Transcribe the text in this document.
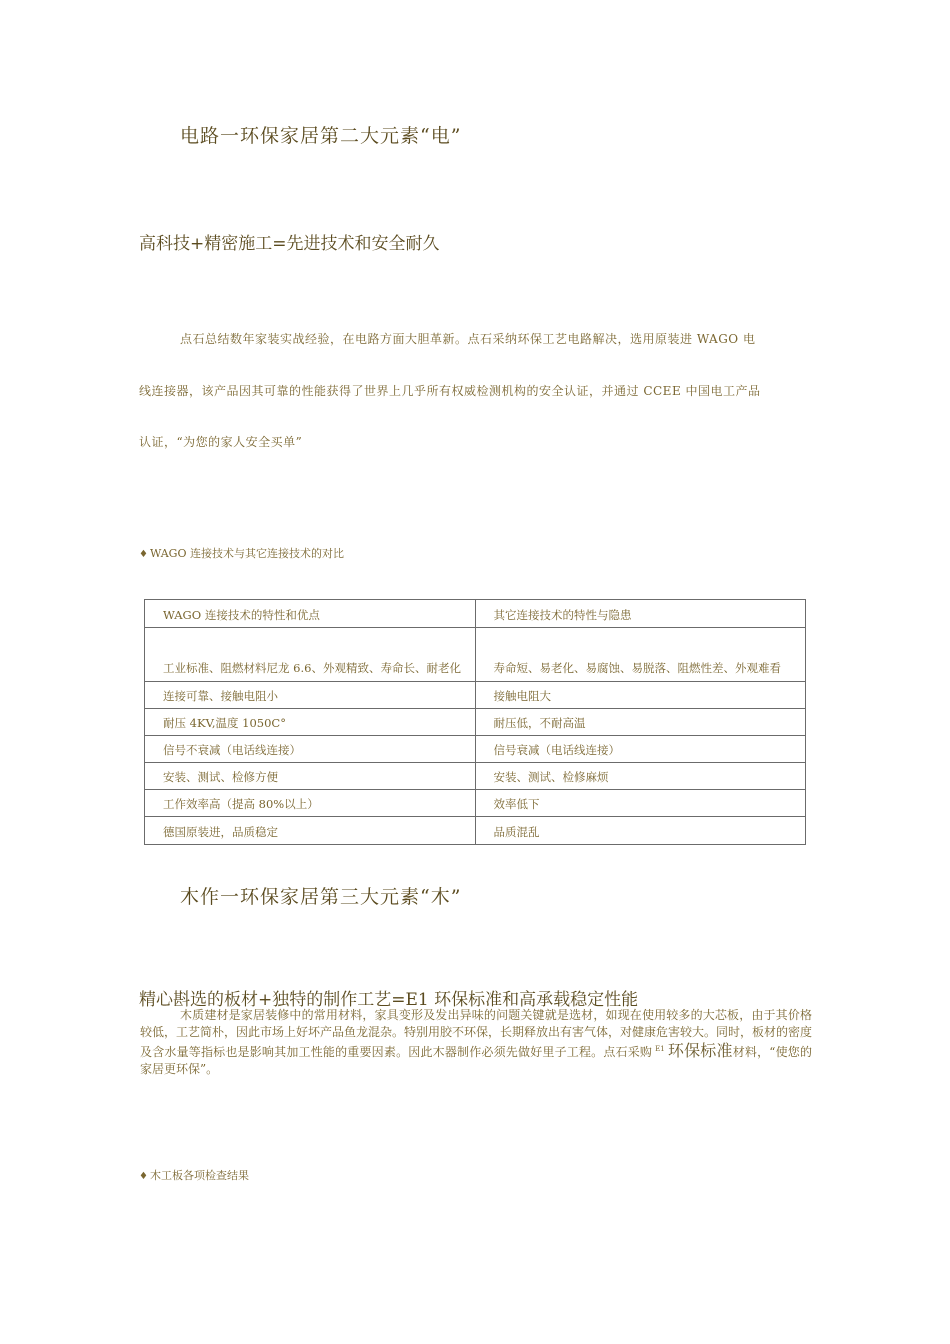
电路一环保家居第二大元素“电”
高科技+精密施工=先进技术和安全耐久
点石总结数年家装实战经验，在电路方面大胆革新。点石采纳环保工艺电路解决，选用原装进 WAGO 电
线连接器，该产品因其可靠的性能获得了世界上几乎所有权威检测机构的安全认证，并通过 CCEE 中国电工产品
认证，“为您的家人安全买单”
♦ WAGO 连接技术与其它连接技术的对比
WAGO 连接技术的特性和优点	其它连接技术的特性与隐患

工业标准、阻燃材料尼龙 6.6、外观精致、寿命长、耐老化	寿命短、易老化、易腐蚀、易脱落、阻燃性差、外观难看

连接可靠、接触电阻小	接触电阻大

耐压 4KV,温度 1050C°	耐压低，不耐高温

信号不衰减（电话线连接）	信号衰减（电话线连接）

安装、测试、检修方便	安装、测试、检修麻烦

工作效率高（提高 80%以上）	效率低下

德国原装进，品质稳定	品质混乱
木作一环保家居第三大元素“木”
精心斟选的板材+独特的制作工艺=E1 环保标准和高承载稳定性能
木质建材是家居装修中的常用材料，家具变形及发出异味的问题关键就是选材，如现在使用较多的大芯板，由于其价格较低，工艺简朴，因此市场上好坏产品鱼龙混杂。特别用胶不环保，长期释放出有害气体，对健康危害较大。同时，板材的密度及含水量等指标也是影响其加工性能的重要因素。因此木器制作必须先做好里子工程。点石采购 $^{E1}$ 环保标准材料，“使您的家居更环保”。
♦ 木工板各项检查结果
